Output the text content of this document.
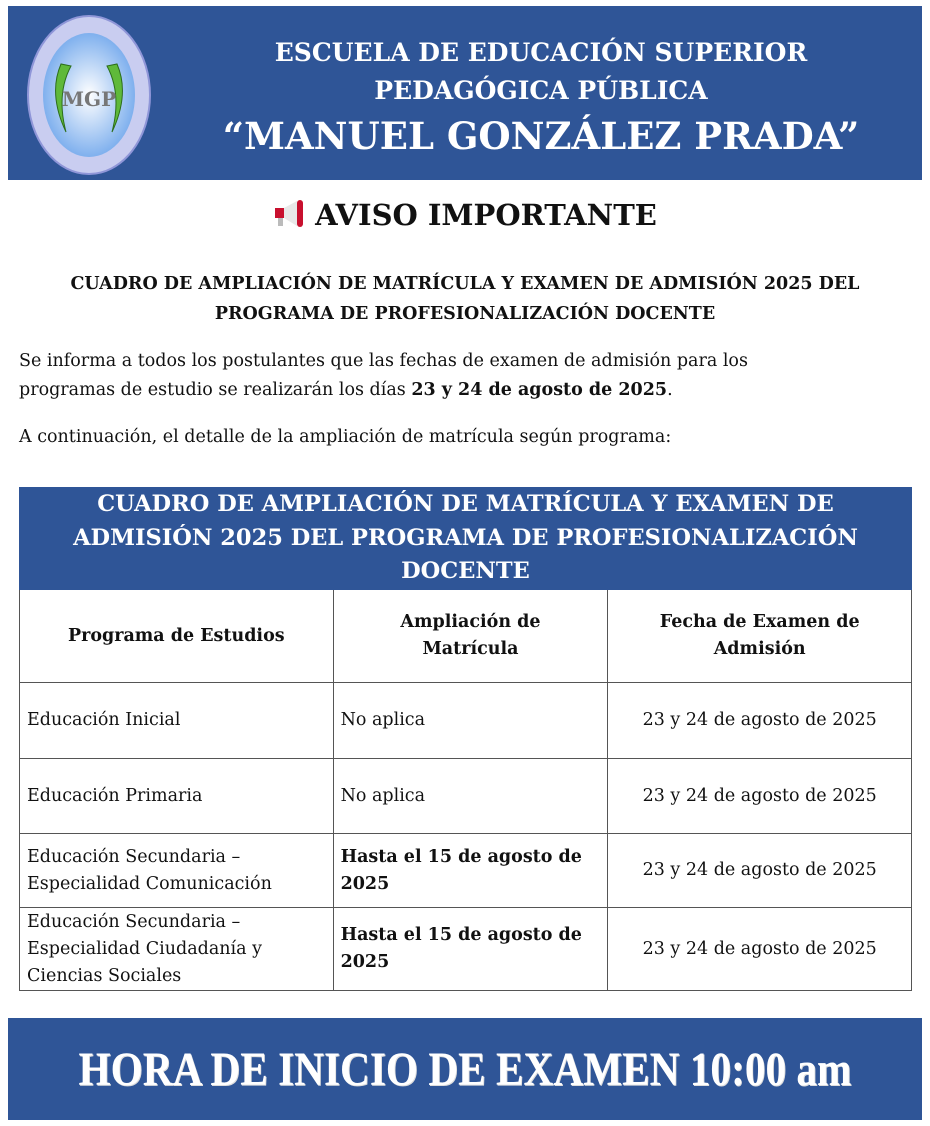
MGP
ESCUELA DE EDUCACIÓN SUPERIOR
PEDAGÓGICA PÚBLICA
“MANUEL GONZÁLEZ PRADA”
AVISO IMPORTANTE
CUADRO DE AMPLIACIÓN DE MATRÍCULA Y EXAMEN DE ADMISIÓN 2025 DEL
PROGRAMA DE PROFESIONALIZACIÓN DOCENTE
Se informa a todos los postulantes que las fechas de examen de admisión para los
programas de estudio se realizarán los días 23 y 24 de agosto de 2025.
A continuación, el detalle de la ampliación de matrícula según programa:
CUADRO DE AMPLIACIÓN DE MATRÍCULA Y EXAMEN DE ADMISIÓN 2025 DEL PROGRAMA DE PROFESIONALIZACIÓN DOCENTE		
Programa de Estudios	Ampliación de Matrícula	Fecha de Examen de Admisión
Educación Inicial	No aplica	23 y 24 de agosto de 2025
Educación Primaria	No aplica	23 y 24 de agosto de 2025
Educación Secundaria – Especialidad Comunicación	Hasta el 15 de agosto de 2025	23 y 24 de agosto de 2025
Educación Secundaria – Especialidad Ciudadanía y Ciencias Sociales	Hasta el 15 de agosto de 2025	23 y 24 de agosto de 2025
HORA DE INICIO DE EXAMEN 10:00 am
